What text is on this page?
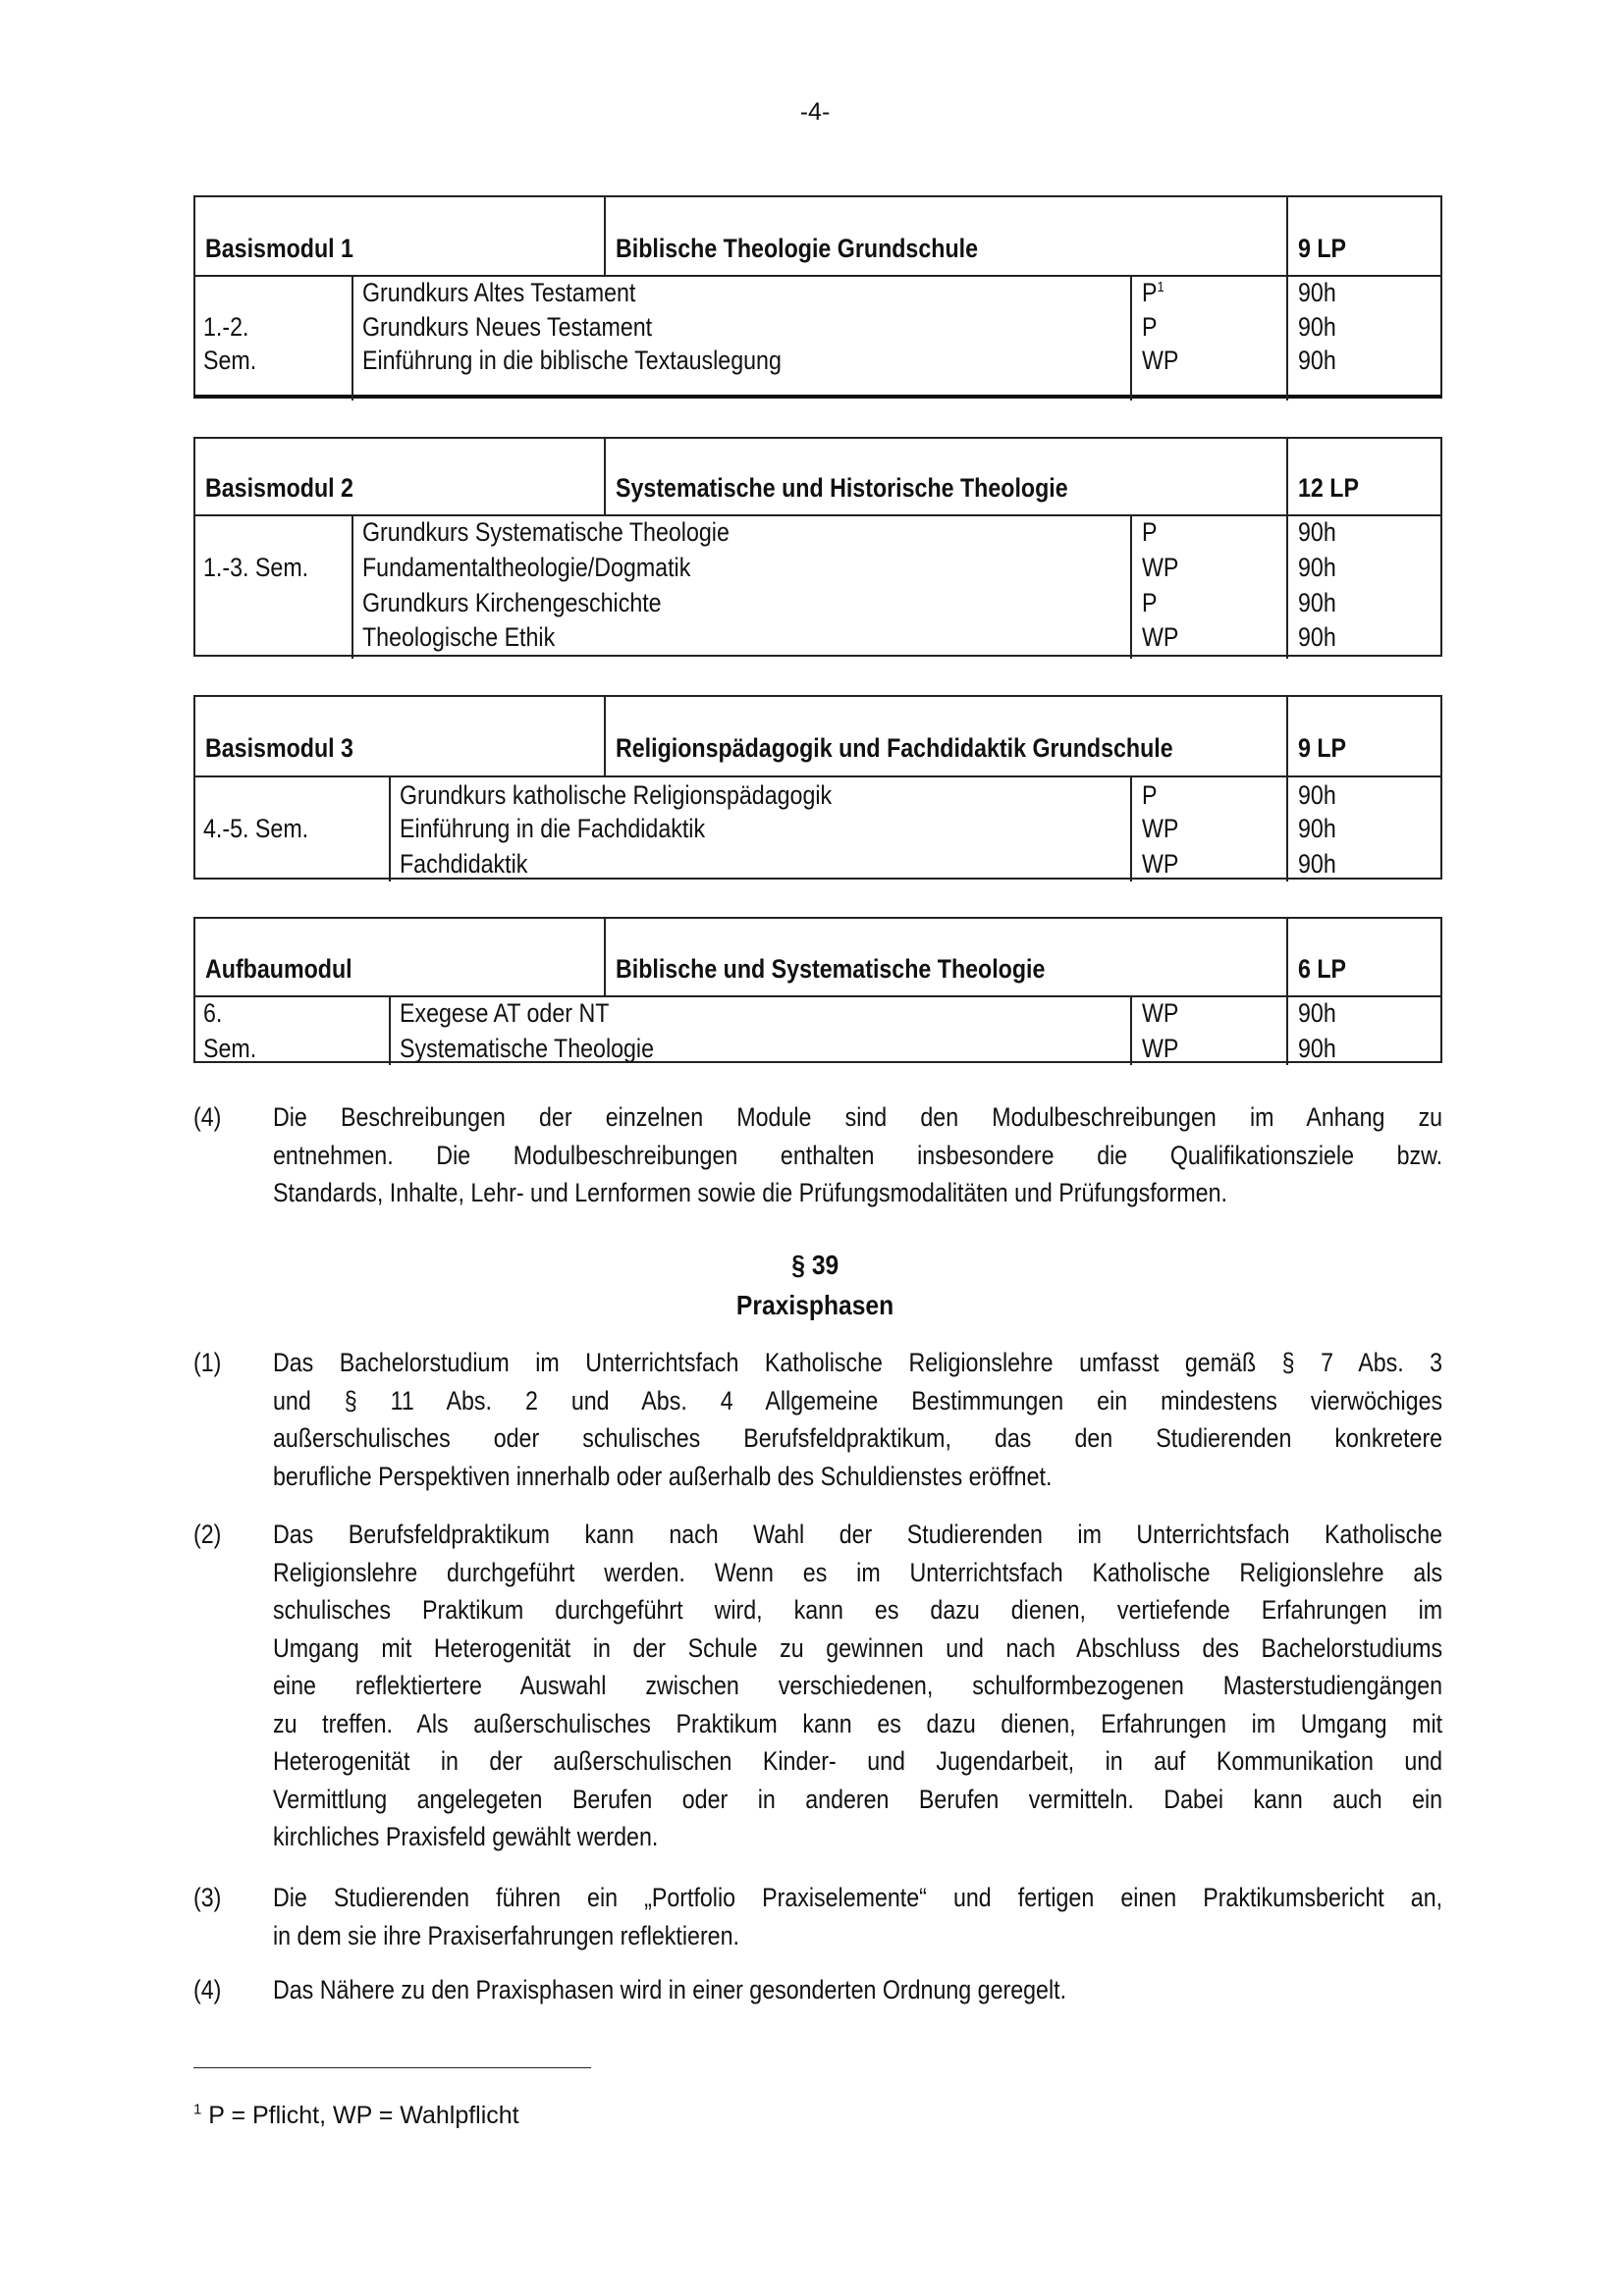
-4-
Basismodul 1	Biblische Theologie Grundschule	9 LP
1.-2.
Sem.
Grundkurs Altes Testament	$P^1$	90h
Grundkurs Neues Testament	P	90h
Einführung in die biblische Textauslegung	WP	90h
Basismodul 2	Systematische und Historische Theologie	12 LP
1.-3. Sem.
Grundkurs Systematische Theologie	P	90h
Fundamentaltheologie/Dogmatik	WP	90h
Grundkurs Kirchengeschichte	P	90h
Theologische Ethik	WP	90h
Basismodul 3	Religionspädagogik und Fachdidaktik Grundschule	9 LP
4.-5. Sem.
Grundkurs katholische Religionspädagogik	P	90h
Einführung in die Fachdidaktik	WP	90h
Fachdidaktik	WP	90h
Aufbaumodul	Biblische und Systematische Theologie	6 LP
6.
Sem.
Exegese AT oder NT	WP	90h
Systematische Theologie	WP	90h
(4) Die Beschreibungen der einzelnen Module sind den Modulbeschreibungen im Anhang zu
entnehmen. Die Modulbeschreibungen enthalten insbesondere die Qualifikationsziele bzw.
Standards, Inhalte, Lehr- und Lernformen sowie die Prüfungsmodalitäten und Prüfungsformen.
§ 39
Praxisphasen
(1) Das Bachelorstudium im Unterrichtsfach Katholische Religionslehre umfasst gemäß § 7 Abs. 3
und § 11 Abs. 2 und Abs. 4 Allgemeine Bestimmungen ein mindestens vierwöchiges
außerschulisches oder schulisches Berufsfeldpraktikum, das den Studierenden konkretere
berufliche Perspektiven innerhalb oder außerhalb des Schuldienstes eröffnet.
(2) Das Berufsfeldpraktikum kann nach Wahl der Studierenden im Unterrichtsfach Katholische
Religionslehre durchgeführt werden. Wenn es im Unterrichtsfach Katholische Religionslehre als
schulisches Praktikum durchgeführt wird, kann es dazu dienen, vertiefende Erfahrungen im
Umgang mit Heterogenität in der Schule zu gewinnen und nach Abschluss des Bachelorstudiums
eine reflektiertere Auswahl zwischen verschiedenen, schulformbezogenen Masterstudiengängen
zu treffen. Als außerschulisches Praktikum kann es dazu dienen, Erfahrungen im Umgang mit
Heterogenität in der außerschulischen Kinder- und Jugendarbeit, in auf Kommunikation und
Vermittlung angelegeten Berufen oder in anderen Berufen vermitteln. Dabei kann auch ein
kirchliches Praxisfeld gewählt werden.
(3) Die Studierenden führen ein „Portfolio Praxiselemente“ und fertigen einen Praktikumsbericht an,
in dem sie ihre Praxiserfahrungen reflektieren.
(4) Das Nähere zu den Praxisphasen wird in einer gesonderten Ordnung geregelt.
$^1$ P = Pflicht, WP = Wahlpflicht
